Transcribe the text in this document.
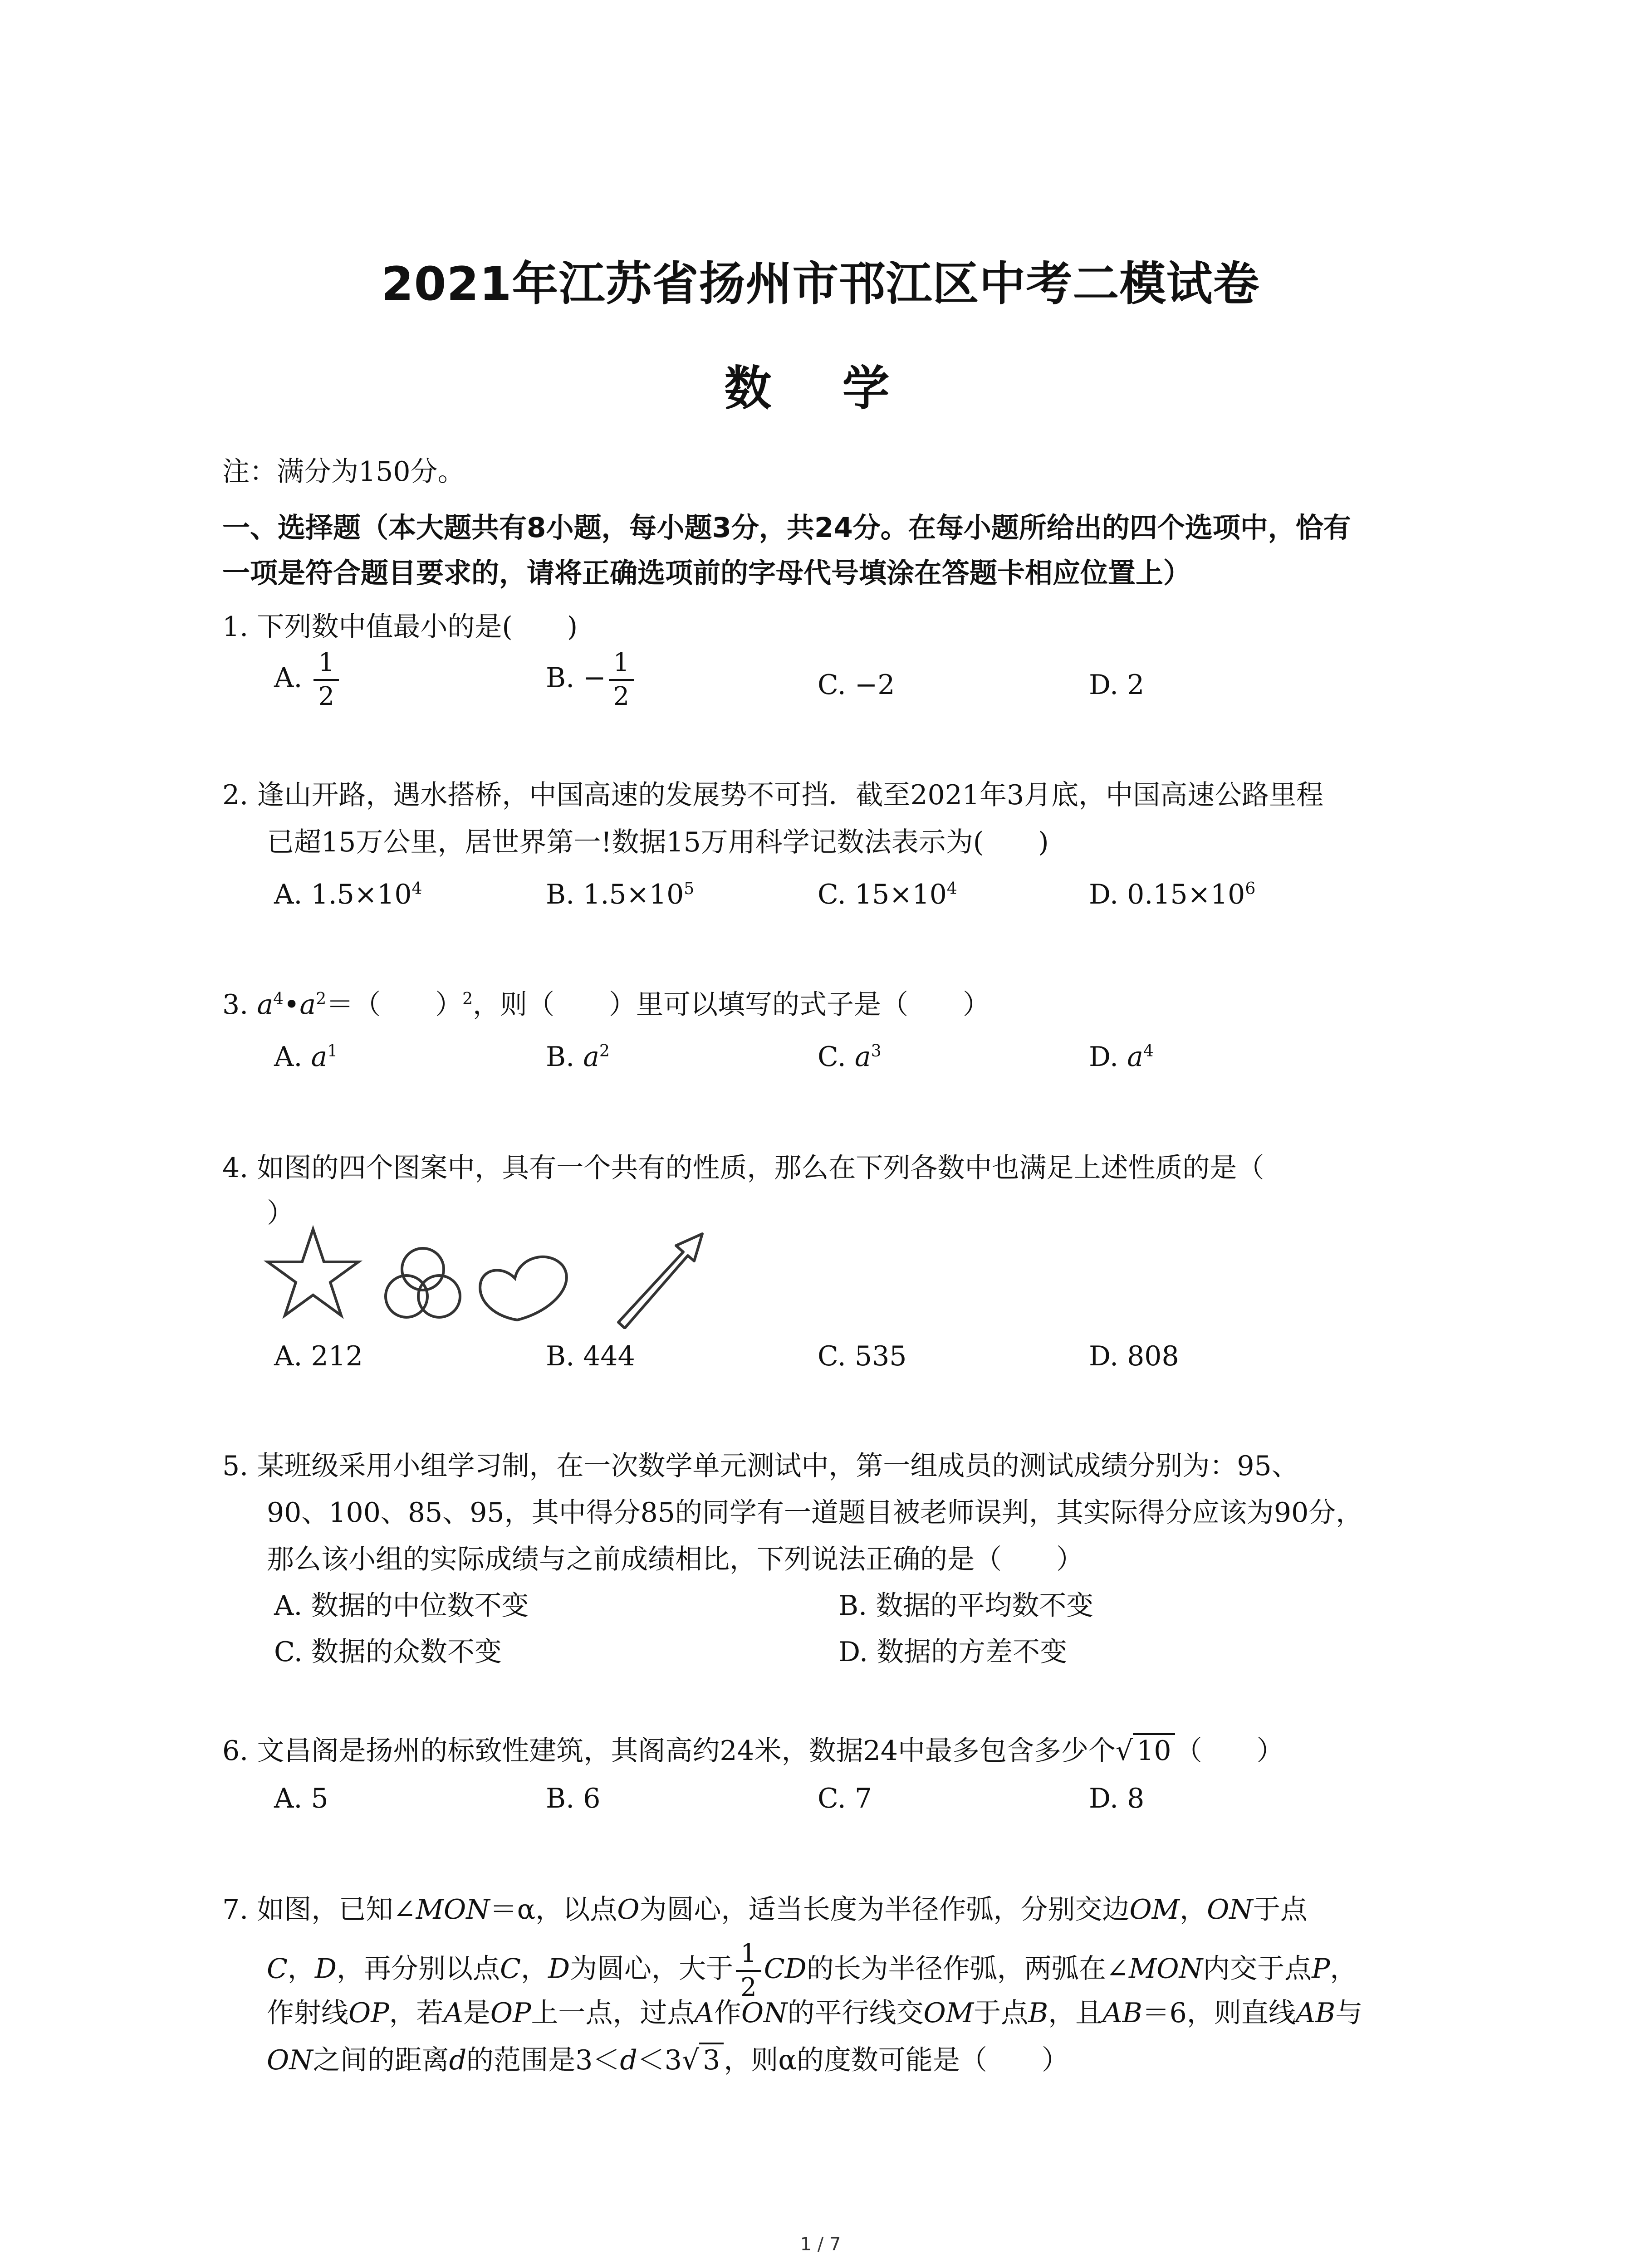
2021年江苏省扬州市邗江区中考二模试卷
数 学
注：满分为150分。
一、选择题（本大题共有8小题，每小题3分，共24分。在每小题所给出的四个选项中，恰有
一项是符合题目要求的，请将正确选项前的字母代号填涂在答题卡相应位置上）
1. 下列数中值最小的是(　　)
A. $\frac{1}{2}$	B. − $\frac{1}{2}$	C. −2	D. 2
2. 逢山开路，遇水搭桥，中国高速的发展势不可挡．截至2021年3月底，中国高速公路里程
已超15万公里，居世界第一!数据15万用科学记数法表示为(　　)
A. $1.5\times 10^4$	B. $1.5\times 10^5$	C. $15\times 10^4$	D. $0.15\times 10^6$
3. $a^4•a^2=$（　　）$^2$，则（　　）里可以填写的式子是（　　）
A. $a^1$	B. $a^2$	C. $a^3$	D. $a^4$
4. 如图的四个图案中，具有一个共有的性质，那么在下列各数中也满足上述性质的是（
）
A. 212	B. 444	C. 535	D. 808
5. 某班级采用小组学习制，在一次数学单元测试中，第一组成员的测试成绩分别为：95、
90、100、85、95，其中得分85的同学有一道题目被老师误判，其实际得分应该为90分，
那么该小组的实际成绩与之前成绩相比，下列说法正确的是（　　）
A. 数据的中位数不变	B. 数据的平均数不变
C. 数据的众数不变	D. 数据的方差不变
6. 文昌阁是扬州的标致性建筑，其阁高约24米，数据24中最多包含多少个√ 10 （　　）
A. 5	B. 6	C. 7	D. 8
7. 如图，已知∠MON＝α，以点O为圆心，适当长度为半径作弧，分别交边OM，ON于点
C，D，再分别以点C，D为圆心，大于 $\frac{1}{2}$ CD的长为半径作弧，两弧在∠MON内交于点P，
作射线OP，若A是OP上一点，过点A作ON的平行线交OM于点B，且AB＝6，则直线AB与
ON之间的距离d的范围是3＜d＜3√ 3 ，则α的度数可能是（　　）
1 / 7
